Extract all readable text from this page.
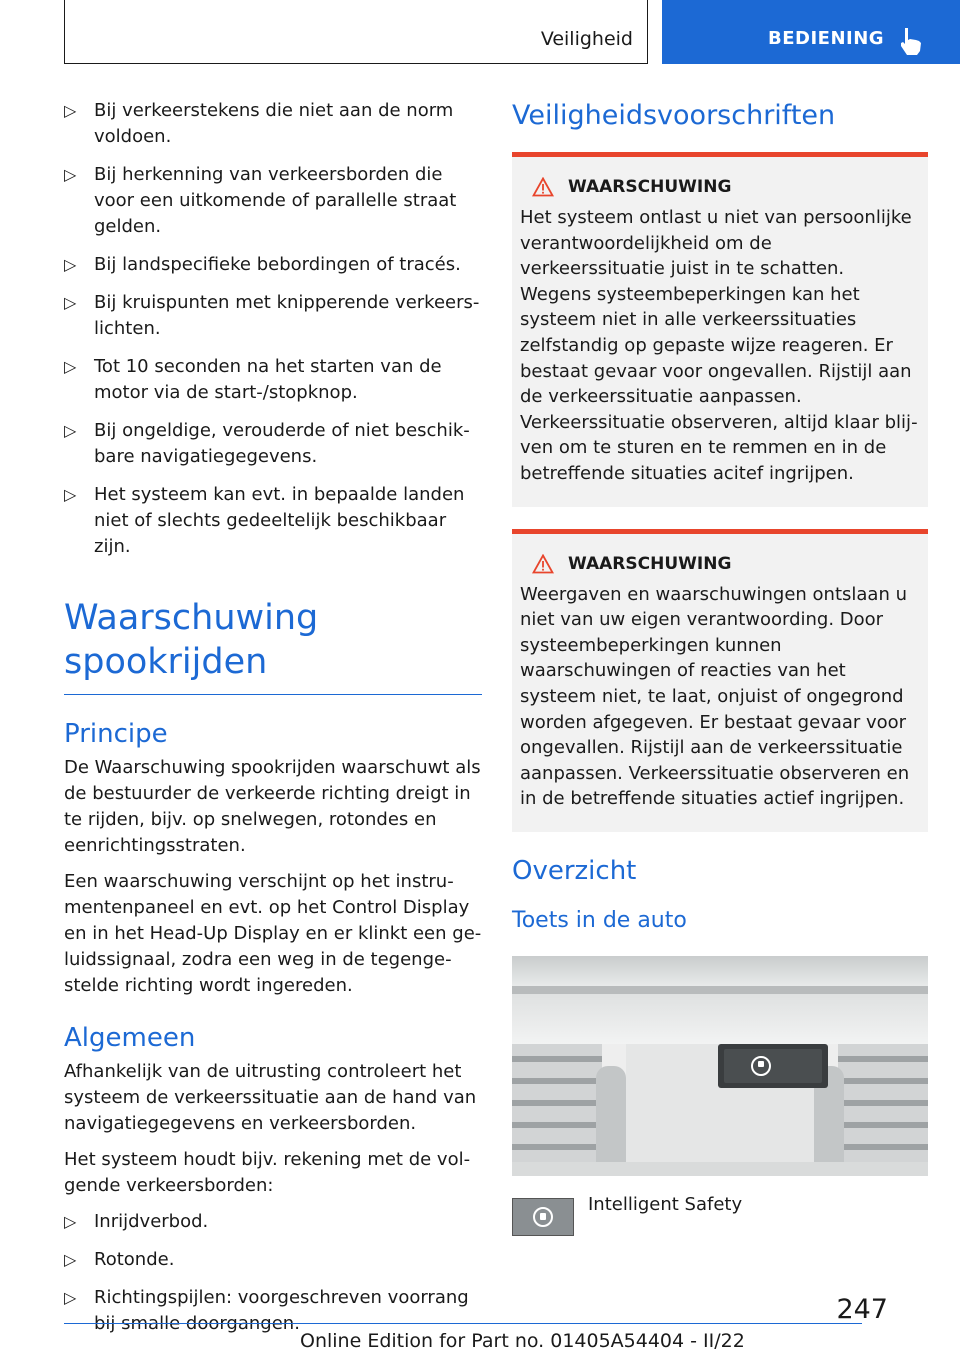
Veiligheid	BEDIENING
▷ Bij verkeerstekens die niet aan de norm voldoen.
▷ Bij herkenning van verkeersborden die voor een uitkomende of parallelle straat gelden.
▷ Bij landspecifieke bebordingen of tracés.
▷ Bij kruispunten met knipperende verkeerslichten.
▷ Tot 10 seconden na het starten van de motor via de start-/stopknop.
▷ Bij ongeldige, verouderde of niet beschikbare navigatiegegevens.
▷ Het systeem kan evt. in bepaalde landen niet of slechts gedeeltelijk beschikbaar zijn.
Waarschuwing spookrijden
Principe

De Waarschuwing spookrijden waarschuwt als de bestuurder de verkeerde richting dreigt in te rijden, bijv. op snelwegen, rotondes en eenrichtingsstraten.

Een waarschuwing verschijnt op het instrumentenpaneel en evt. op het Control Display en in het Head-Up Display en er klinkt een geluidssignaal, zodra een weg in de tegengestelde richting wordt ingereden.

Algemeen

Afhankelijk van de uitrusting controleert het systeem de verkeerssituatie aan de hand van navigatiegegevens en verkeersborden.

Het systeem houdt bijv. rekening met de volgende verkeersborden:

▷ Inrijdverbod.
▷ Rotonde.
▷ Richtingspijlen: voorgeschreven voorrang bij smalle doorgangen.
Veiligheidsvoorschriften
WAARSCHUWING

Het systeem ontlast u niet van persoonlijke verantwoordelijkheid om de verkeerssituatie juist in te schatten. Wegens systeembeperkingen kan het systeem niet in alle verkeerssituaties zelfstandig op gepaste wijze reageren. Er bestaat gevaar voor ongevallen. Rijstijl aan de verkeerssituatie aanpassen. Verkeerssituatie observeren, altijd klaar blijven om te sturen en te remmen en in de betreffende situaties acitef ingrijpen.

WAARSCHUWING

Weergaven en waarschuwingen ontslaan u niet van uw eigen verantwoording. Door systeembeperkingen kunnen waarschuwingen of reacties van het systeem niet, te laat, onjuist of ongegrond worden afgegeven. Er bestaat gevaar voor ongevallen. Rijstijl aan de verkeerssituatie aanpassen. Verkeerssituatie observeren en in de betreffende situaties actief ingrijpen.

Overzicht
Toets in de auto
Intelligent Safety
247
Online Edition for Part no. 01405A54404 - II/22
